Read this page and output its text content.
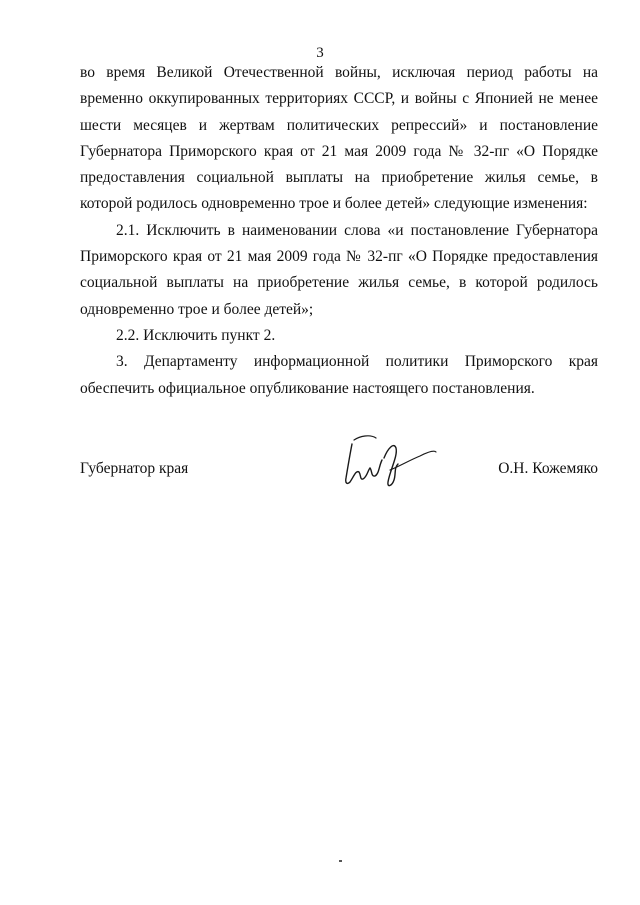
3

во время Великой Отечественной войны, исключая период работы на временно оккупированных территориях СССР, и войны с Японией не менее шести месяцев и жертвам политических репрессий» и постановление Губернатора Приморского края от 21 мая 2009 года № 32-пг «О Порядке предоставления социальной выплаты на приобретение жилья семье, в которой родилось одновременно трое и более детей» следующие изменения:

2.1. Исключить в наименовании слова «и постановление Губернатора Приморского края от 21 мая 2009 года № 32-пг «О Порядке предоставления социальной выплаты на приобретение жилья семье, в которой родилось одновременно трое и более детей»;

2.2. Исключить пункт 2.

3. Департаменту информационной политики Приморского края обеспечить официальное опубликование настоящего постановления.

Губернатор края	О.Н. Кожемяко
